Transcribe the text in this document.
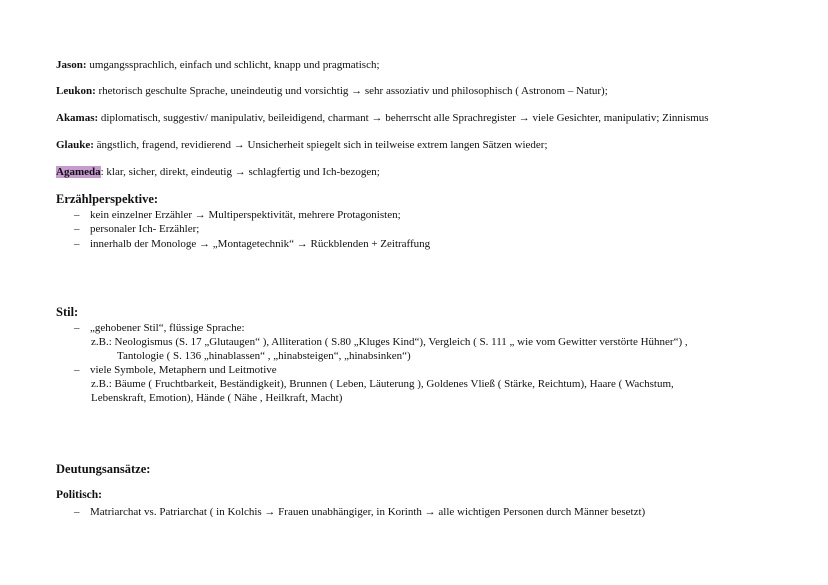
Jason: umgangssprachlich, einfach und schlicht, knapp und pragmatisch;
Leukon: rhetorisch geschulte Sprache, uneindeutig und vorsichtig → sehr assoziativ und philosophisch ( Astronom – Natur);
Akamas: diplomatisch, suggestiv/ manipulativ, beileidigend, charmant → beherrscht alle Sprachregister → viele Gesichter, manipulativ; Zinnismus
Glauke: ängstlich, fragend, revidierend → Unsicherheit spiegelt sich in teilweise extrem langen Sätzen wieder;
Agameda: klar, sicher, direkt, eindeutig → schlagfertig und Ich-bezogen;
Erzählperspektive:
– kein einzelner Erzähler → Multiperspektivität, mehrere Protagonisten;
– personaler Ich- Erzähler;
– innerhalb der Monologe → „Montagetechnik“ → Rückblenden + Zeitraffung
Stil:
– „gehobener Stil“, flüssige Sprache:
z.B.: Neologismus (S. 17 „Glutaugen“ ), Alliteration ( S.80 „Kluges Kind“), Vergleich ( S. 111 „ wie vom Gewitter verstörte Hühner“) ,
Tantologie ( S. 136 „hinablassen“ , „hinabsteigen“, „hinabsinken“)
– viele Symbole, Metaphern und Leitmotive
z.B.: Bäume ( Fruchtbarkeit, Beständigkeit), Brunnen ( Leben, Läuterung ), Goldenes Vließ ( Stärke, Reichtum), Haare ( Wachstum,
Lebenskraft, Emotion), Hände ( Nähe , Heilkraft, Macht)
Deutungsansätze:
Politisch:
– Matriarchat vs. Patriarchat ( in Kolchis → Frauen unabhängiger, in Korinth → alle wichtigen Personen durch Männer besetzt)
